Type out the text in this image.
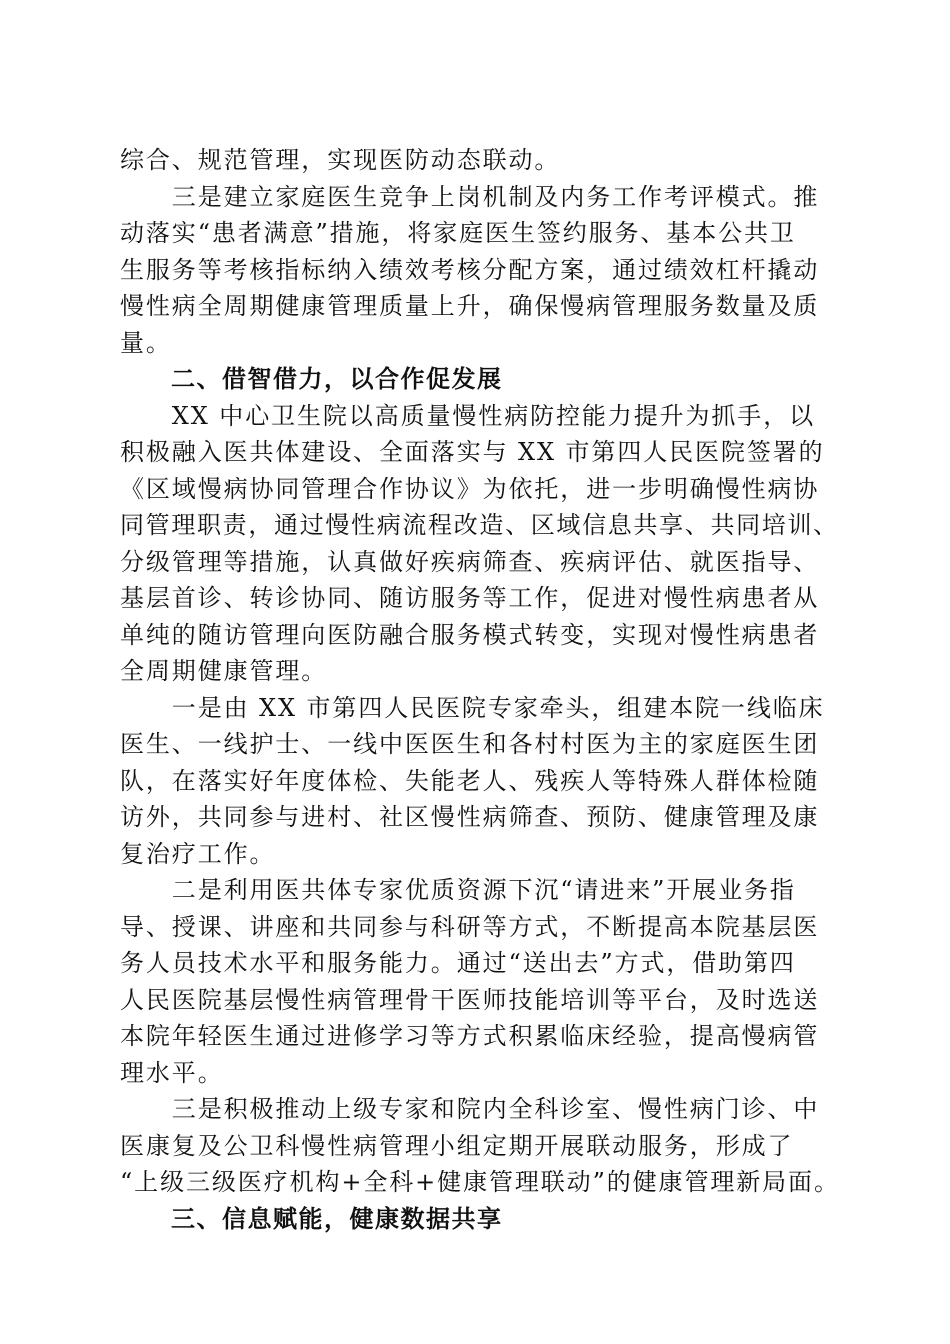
综合、规范管理，实现医防动态联动。
　　三是建立家庭医生竞争上岗机制及内务工作考评模式。推
动落实“患者满意”措施，将家庭医生签约服务、基本公共卫
生服务等考核指标纳入绩效考核分配方案，通过绩效杠杆撬动
慢性病全周期健康管理质量上升，确保慢病管理服务数量及质
量。
　　二、借智借力，以合作促发展
　　XX 中心卫生院以高质量慢性病防控能力提升为抓手，以
积极融入医共体建设、全面落实与 XX 市第四人民医院签署的
《区域慢病协同管理合作协议》为依托，进一步明确慢性病协
同管理职责，通过慢性病流程改造、区域信息共享、共同培训、
分级管理等措施，认真做好疾病筛查、疾病评估、就医指导、
基层首诊、转诊协同、随访服务等工作，促进对慢性病患者从
单纯的随访管理向医防融合服务模式转变，实现对慢性病患者
全周期健康管理。
　　一是由 XX 市第四人民医院专家牵头，组建本院一线临床
医生、一线护士、一线中医医生和各村村医为主的家庭医生团
队，在落实好年度体检、失能老人、残疾人等特殊人群体检随
访外，共同参与进村、社区慢性病筛查、预防、健康管理及康
复治疗工作。
　　二是利用医共体专家优质资源下沉“请进来”开展业务指
导、授课、讲座和共同参与科研等方式，不断提高本院基层医
务人员技术水平和服务能力。通过“送出去”方式，借助第四
人民医院基层慢性病管理骨干医师技能培训等平台，及时选送
本院年轻医生通过进修学习等方式积累临床经验，提高慢病管
理水平。
　　三是积极推动上级专家和院内全科诊室、慢性病门诊、中
医康复及公卫科慢性病管理小组定期开展联动服务，形成了
“上级三级医疗机构+全科+健康管理联动”的健康管理新局面。
　　三、信息赋能，健康数据共享
